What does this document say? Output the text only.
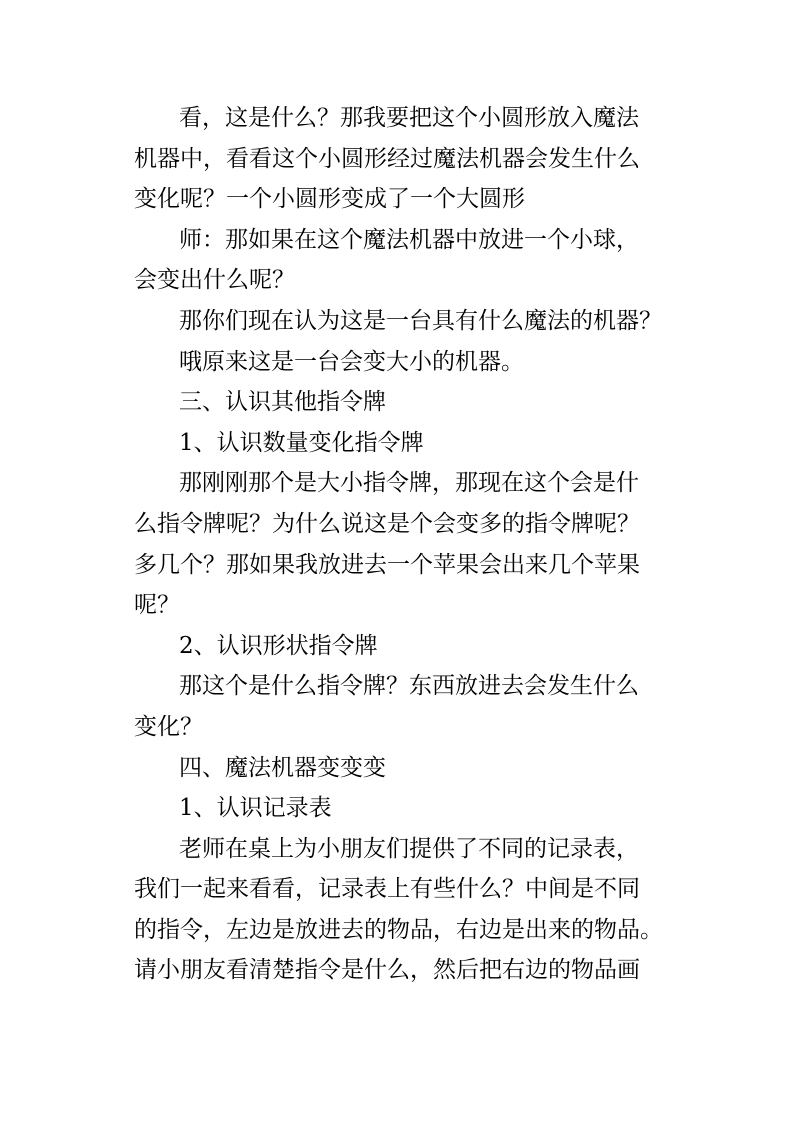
看，这是什么？那我要把这个小圆形放入魔法
机器中，看看这个小圆形经过魔法机器会发生什么
变化呢？一个小圆形变成了一个大圆形
师：那如果在这个魔法机器中放进一个小球，
会变出什么呢？
那你们现在认为这是一台具有什么魔法的机器？
哦原来这是一台会变大小的机器。
三、认识其他指令牌
1、认识数量变化指令牌
那刚刚那个是大小指令牌，那现在这个会是什
么指令牌呢？为什么说这是个会变多的指令牌呢？
多几个？那如果我放进去一个苹果会出来几个苹果
呢？
2、认识形状指令牌
那这个是什么指令牌？东西放进去会发生什么
变化？
四、魔法机器变变变
1、认识记录表
老师在桌上为小朋友们提供了不同的记录表，
我们一起来看看，记录表上有些什么？中间是不同
的指令，左边是放进去的物品，右边是出来的物品。
请小朋友看清楚指令是什么，然后把右边的物品画
